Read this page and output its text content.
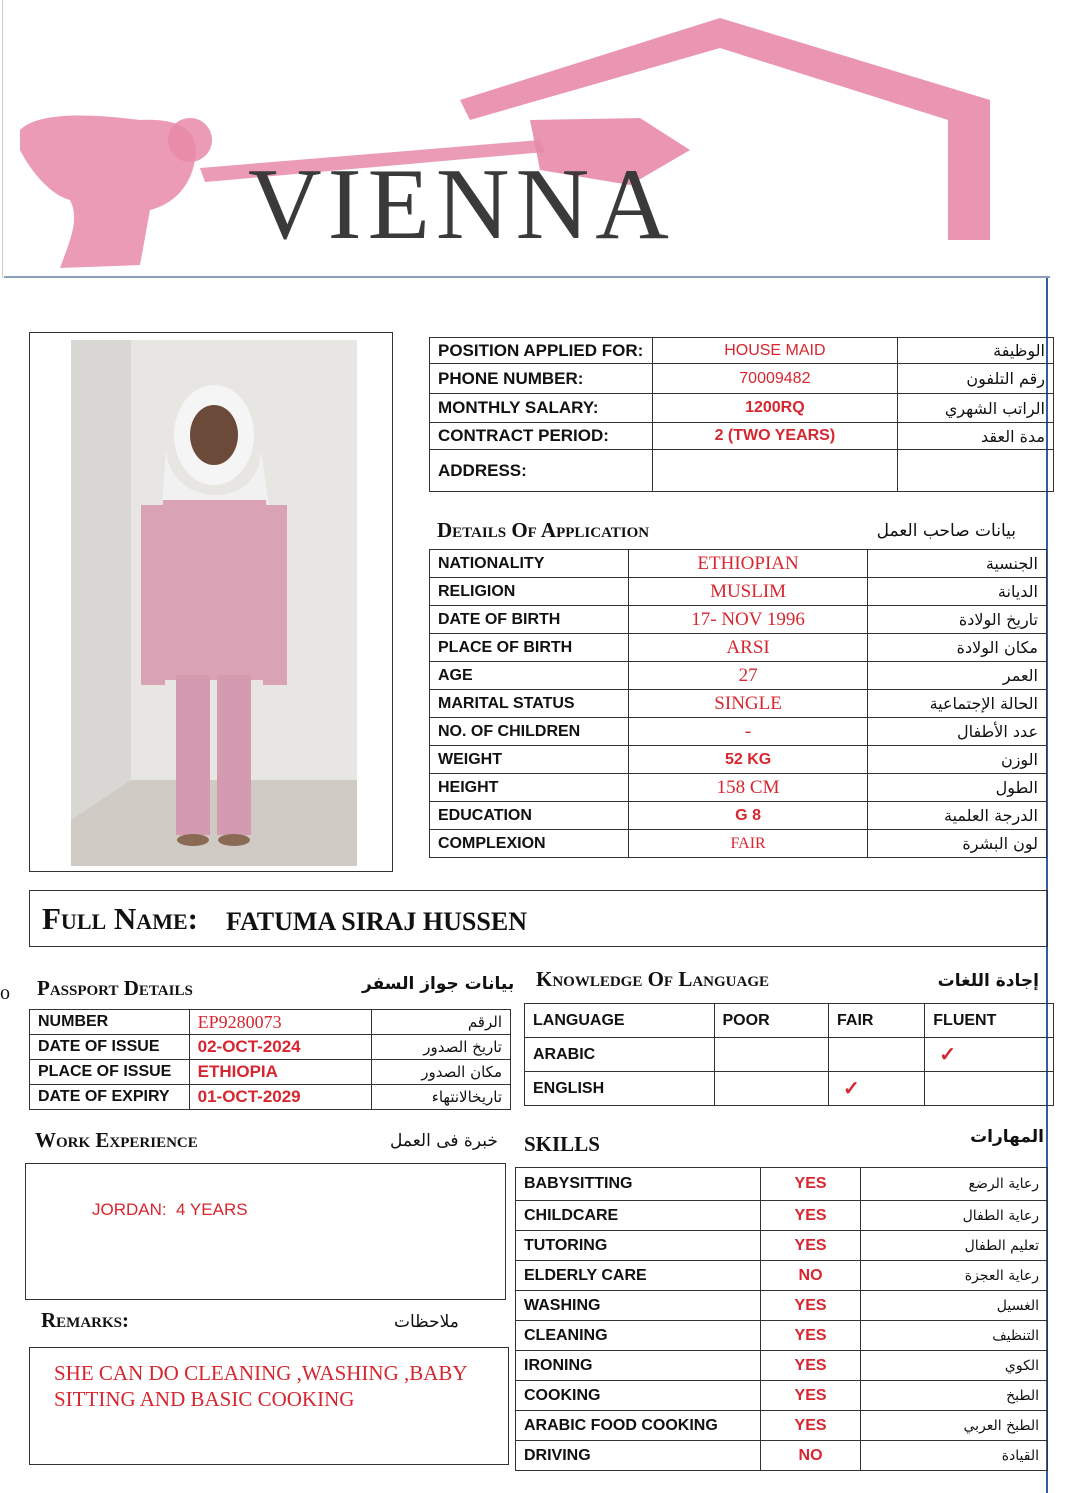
VIENNA
POSITION APPLIED FOR:	HOUSE MAID	الوظيفة
PHONE NUMBER:	70009482	رقم التلفون
MONTHLY SALARY:	1200RQ	الراتب الشهري
CONTRACT PERIOD:	2 (TWO YEARS)	مدة العقد
ADDRESS:		
Details Of Application	بيانات صاحب العمل
NATIONALITY	ETHIOPIAN	الجنسية
RELIGION	MUSLIM	الديانة
DATE OF BIRTH	17- NOV 1996	تاريخ الولادة
PLACE OF BIRTH	ARSI	مكان الولادة
AGE	27	العمر
MARITAL STATUS	SINGLE	الحالة الإجتماعية
NO. OF CHILDREN	-	عدد الأطفال
WEIGHT	52 KG	الوزن
HEIGHT	158 CM	الطول
EDUCATION	G 8	الدرجة العلمية
COMPLEXION	FAIR	لون البشرة
Full Name: FATUMA SIRAJ HUSSEN
o Passport Details	بيانات جواز السفر
NUMBER	EP9280073	الرقم
DATE OF ISSUE	02-OCT-2024	تاريخ الصدور
PLACE OF ISSUE	ETHIOPIA	مكان الصدور
DATE OF EXPIRY	01-OCT-2029	تاريخالانتهاء
Knowledge Of Language	إجادة اللغات
LANGUAGE	POOR	FAIR	FLUENT
ARABIC			✓
ENGLISH		✓	
Work Experience	خبرة فى العمل
JORDAN:  4 YEARS
Remarks:	ملاحظات
SHE CAN DO CLEANING ,WASHING ,BABY
SITTING AND BASIC COOKING
SKILLS	المهارات
BABYSITTING	YES	رعاية الرضع
CHILDCARE	YES	رعاية الطفال
TUTORING	YES	تعليم الطفال
ELDERLY CARE	NO	رعاية العجزة
WASHING	YES	الغسيل
CLEANING	YES	التنظيف
IRONING	YES	الكوي
COOKING	YES	الطبخ
ARABIC FOOD COOKING	YES	الطبخ العربي
DRIVING	NO	القيادة
